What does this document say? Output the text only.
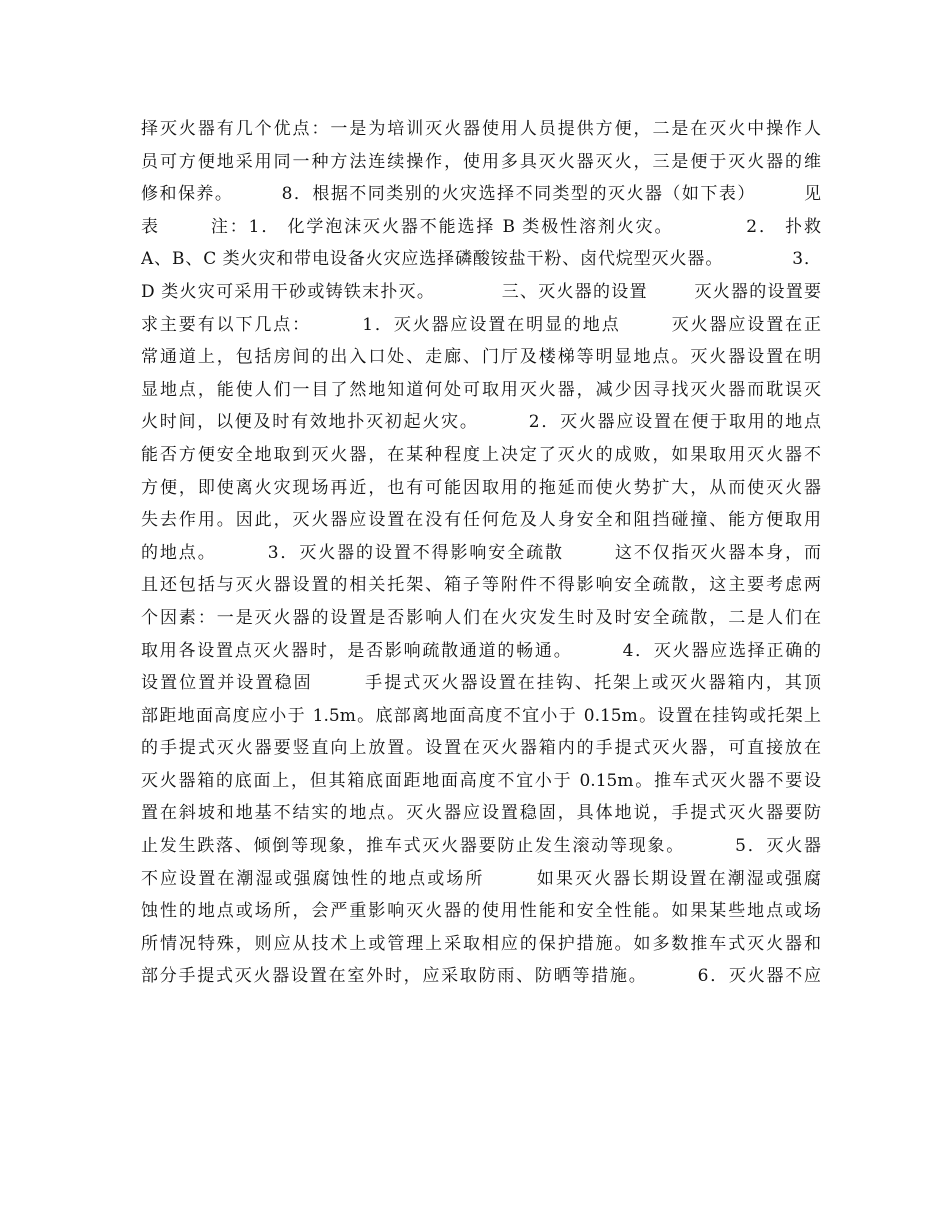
择灭火器有几个优点：一是为培训灭火器使用人员提供方便，二是在灭火中操作人
员可方便地采用同一种方法连续操作，使用多具灭火器灭火，三是便于灭火器的维
修和保养。       8．根据不同类别的火灾选择不同类型的灭火器（如下表）       见
表       注：1． 化学泡沫灭火器不能选择 B 类极性溶剂火灾。          2． 扑救
A、B、C 类火灾和带电设备火灾应选择磷酸铵盐干粉、卤代烷型灭火器。           3．
D 类火灾可采用干砂或铸铁末扑灭。          三、灭火器的设置       灭火器的设置要
求主要有以下几点：       1．灭火器应设置在明显的地点       灭火器应设置在正
常通道上，包括房间的出入口处、走廊、门厅及楼梯等明显地点。灭火器设置在明
显地点，能使人们一目了然地知道何处可取用灭火器，减少因寻找灭火器而耽误灭
火时间，以便及时有效地扑灭初起火灾。       2．灭火器应设置在便于取用的地点
能否方便安全地取到灭火器，在某种程度上决定了灭火的成败，如果取用灭火器不
方便，即使离火灾现场再近，也有可能因取用的拖延而使火势扩大，从而使灭火器
失去作用。因此，灭火器应设置在没有任何危及人身安全和阻挡碰撞、能方便取用
的地点。       3．灭火器的设置不得影响安全疏散       这不仅指灭火器本身，而
且还包括与灭火器设置的相关托架、箱子等附件不得影响安全疏散，这主要考虑两
个因素：一是灭火器的设置是否影响人们在火灾发生时及时安全疏散，二是人们在
取用各设置点灭火器时，是否影响疏散通道的畅通。       4．灭火器应选择正确的
设置位置并设置稳固       手提式灭火器设置在挂钩、托架上或灭火器箱内，其顶
部距地面高度应小于 1.5m。底部离地面高度不宜小于 0.15m。设置在挂钩或托架上
的手提式灭火器要竖直向上放置。设置在灭火器箱内的手提式灭火器，可直接放在
灭火器箱的底面上，但其箱底面距地面高度不宜小于 0.15m。推车式灭火器不要设
置在斜坡和地基不结实的地点。灭火器应设置稳固，具体地说，手提式灭火器要防
止发生跌落、倾倒等现象，推车式灭火器要防止发生滚动等现象。       5．灭火器
不应设置在潮湿或强腐蚀性的地点或场所       如果灭火器长期设置在潮湿或强腐
蚀性的地点或场所，会严重影响灭火器的使用性能和安全性能。如果某些地点或场
所情况特殊，则应从技术上或管理上采取相应的保护措施。如多数推车式灭火器和
部分手提式灭火器设置在室外时，应采取防雨、防晒等措施。       6．灭火器不应
